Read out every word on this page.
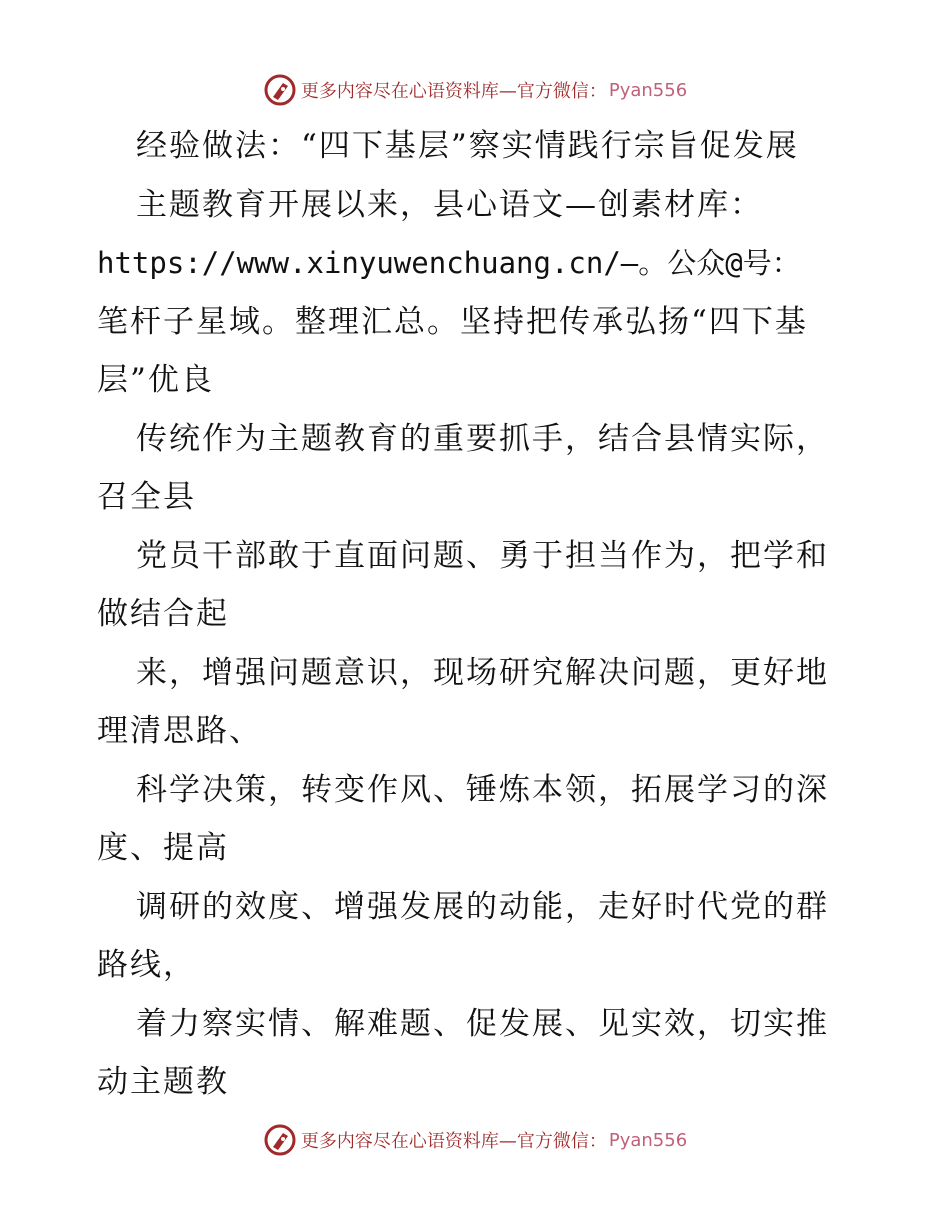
更多内容尽在心语资料库—官方微信： Pyan556
经验做法：“四下基层”察实情践行宗旨促发展
主题教育开展以来，县心语文—创素材库：
https://www.xinyuwenchuang.cn/—。公众@号：
笔杆子星域。整理汇总。坚持把传承弘扬“四下基
层”优良
传统作为主题教育的重要抓手，结合县情实际，
召全县
党员干部敢于直面问题、勇于担当作为，把学和
做结合起
来，增强问题意识，现场研究解决问题，更好地
理清思路、
科学决策，转变作风、锤炼本领，拓展学习的深
度、提高
调研的效度、增强发展的动能，走好时代党的群
路线，
着力察实情、解难题、促发展、见实效，切实推
动主题教
更多内容尽在心语资料库—官方微信： Pyan556
